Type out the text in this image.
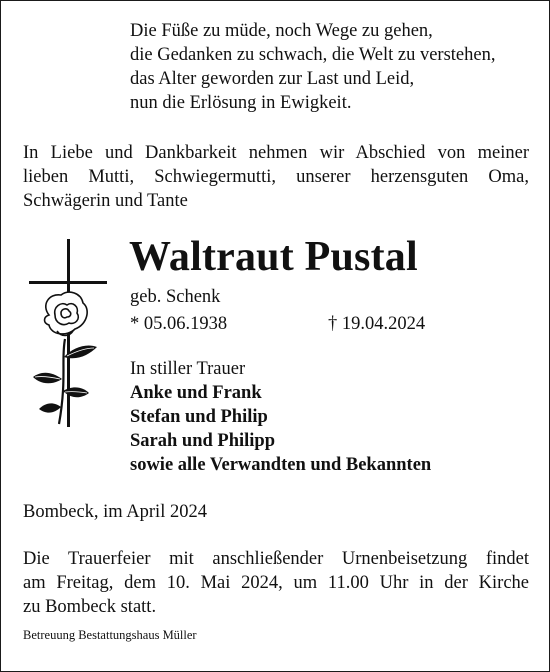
Die Füße zu müde, noch Wege zu gehen,
die Gedanken zu schwach, die Welt zu verstehen,
das Alter geworden zur Last und Leid,
nun die Erlösung in Ewigkeit.
In Liebe und Dankbarkeit nehmen wir Abschied von meiner
lieben Mutti, Schwiegermutti, unserer herzensguten Oma,
Schwägerin und Tante
Waltraut Pustal
geb. Schenk
* 05.06.1938	† 19.04.2024
In stiller Trauer
Anke und Frank
Stefan und Philip
Sarah und Philipp
sowie alle Verwandten und Bekannten
Bombeck, im April 2024
Die Trauerfeier mit anschließender Urnenbeisetzung findet
am Freitag, dem 10. Mai 2024, um 11.00 Uhr in der Kirche
zu Bombeck statt.
Betreuung Bestattungshaus Müller
